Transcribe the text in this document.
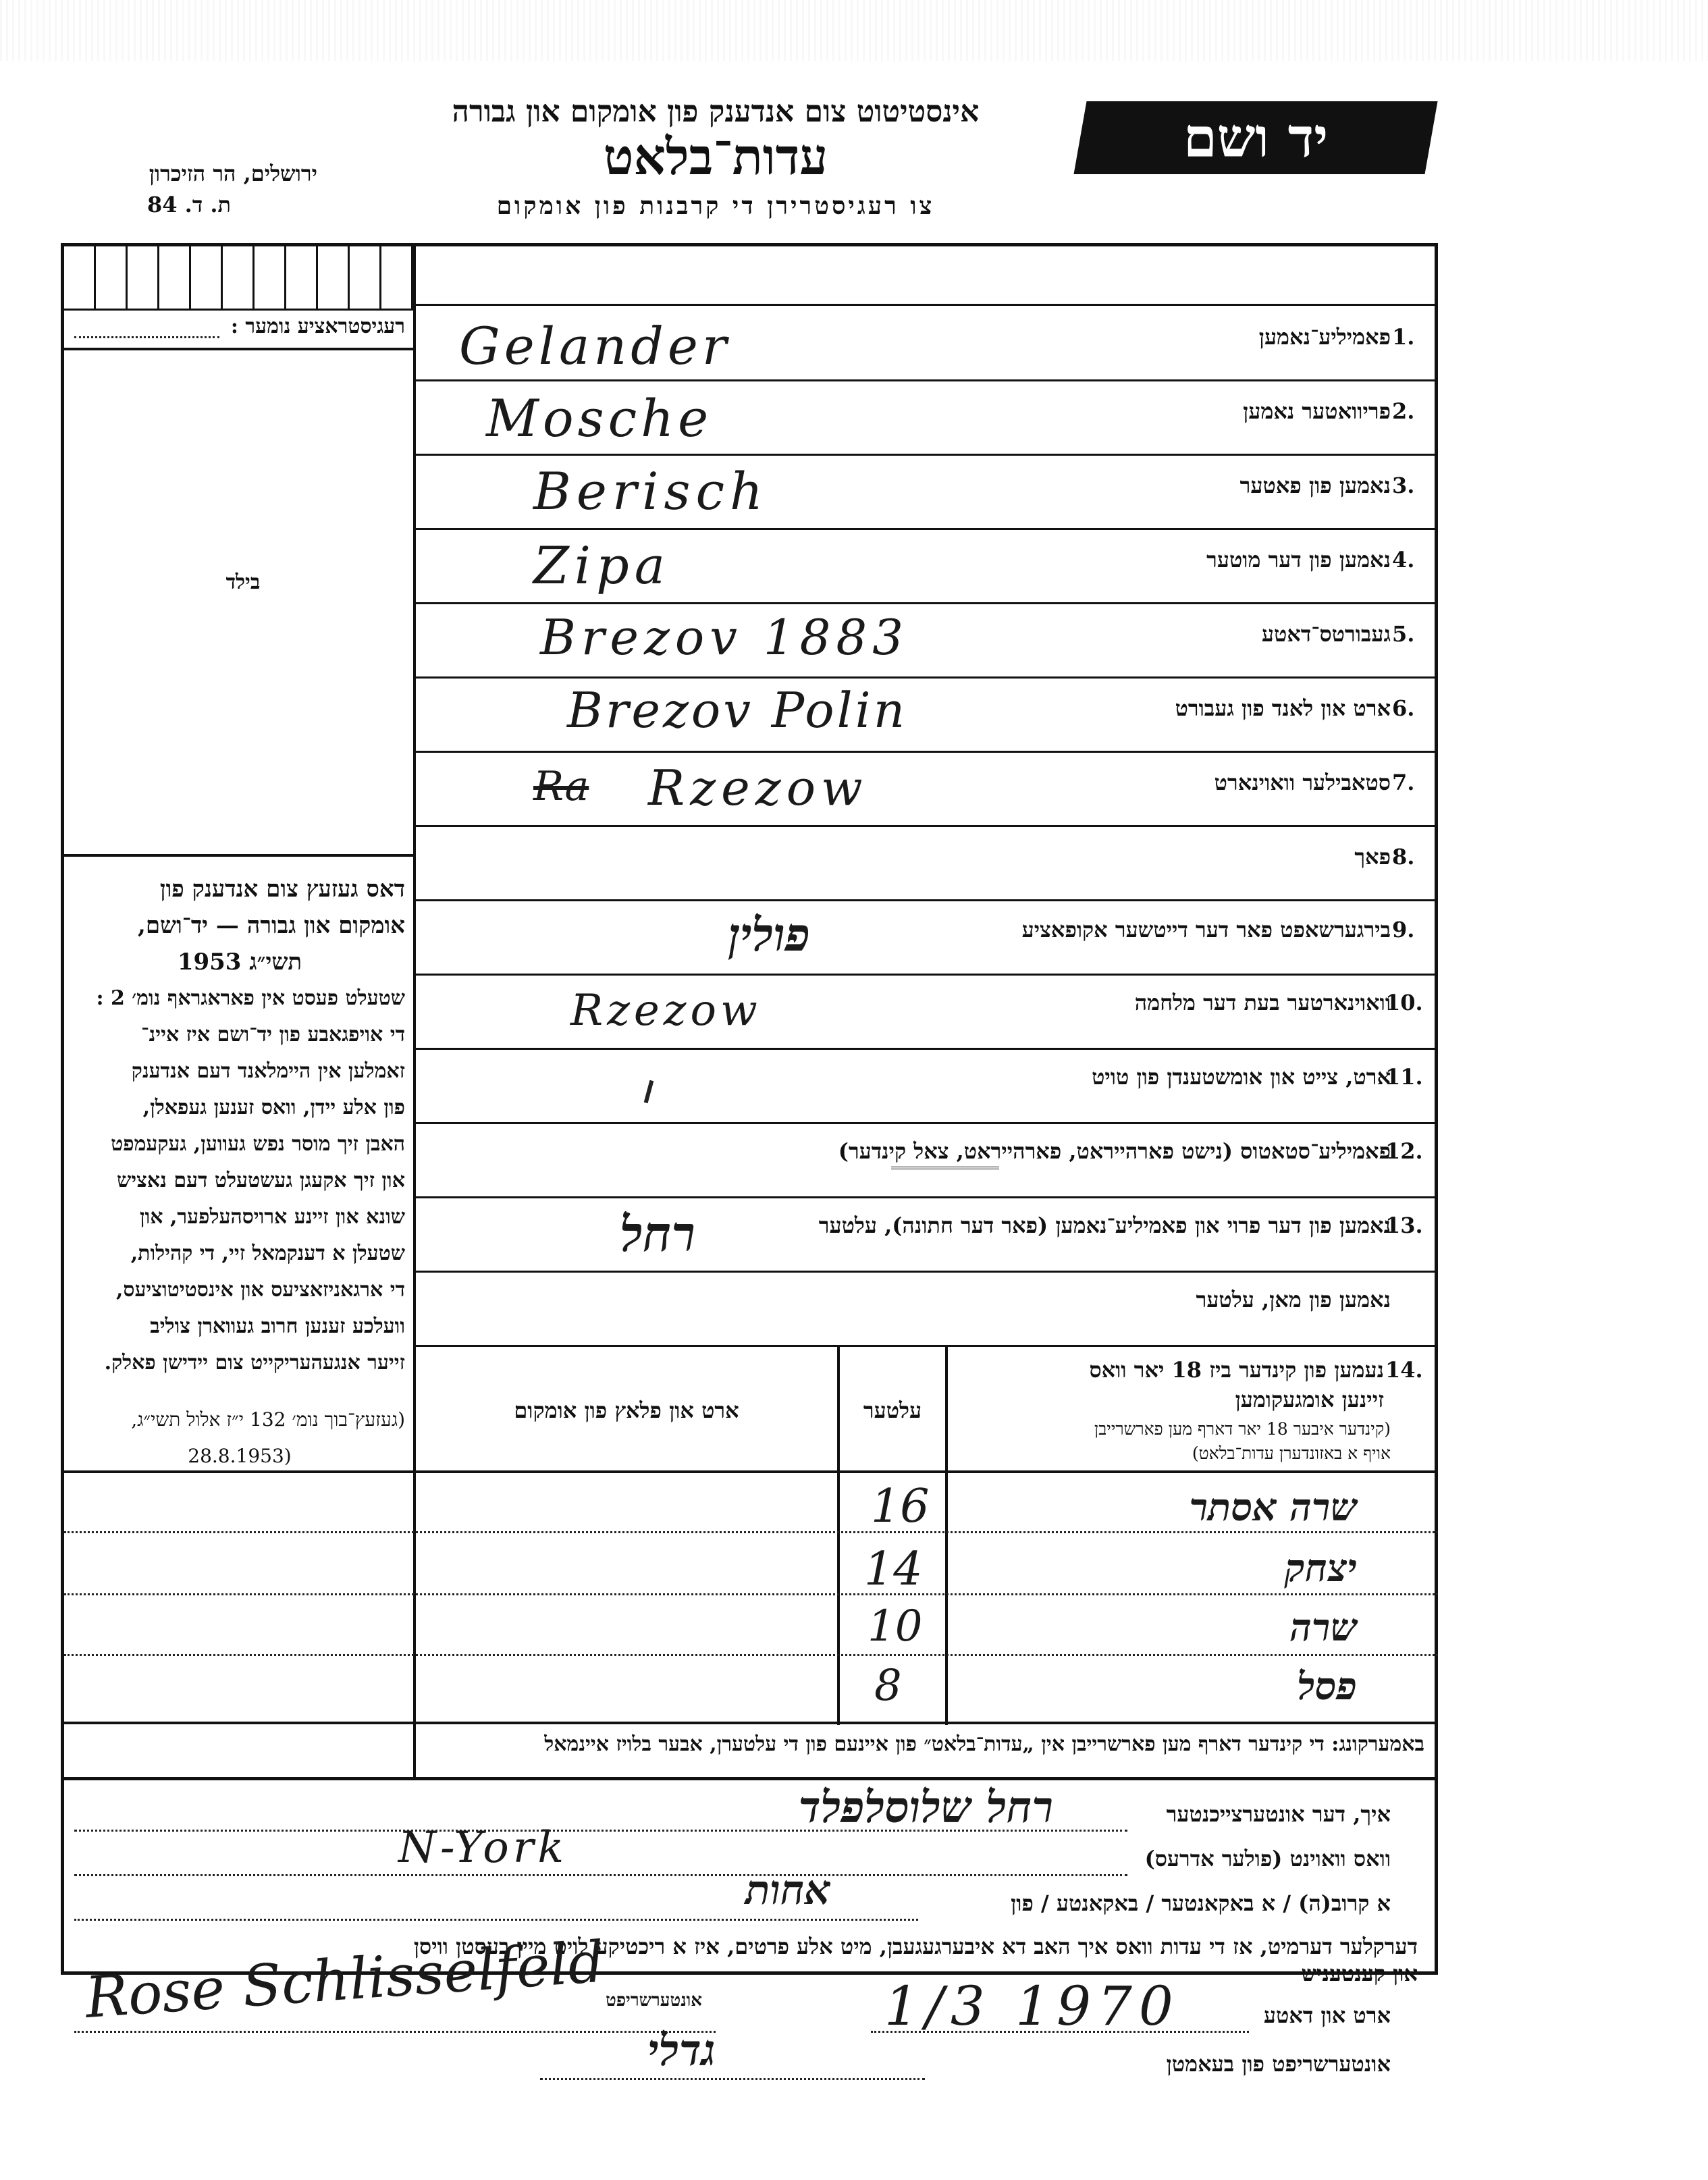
יד ושם
אינסטיטוט צום אנדענק פון אומקום און גבורה
עדות־בלאט
צו רעגיסטרירן די קרבנות פון אומקום
ירושלים, הר הזיכרון
ת. ד. 84
רעגיסטראציע נומער :
בילד
דאס געזעץ צום אנדענק פון
אומקום און גבורה — יד־ושם,
תשי״ג 1953
שטעלט פעסט אין פאראגראף נומ׳ 2 :
די אויפגאבע פון יד־ושם איז איינ־
זאמלען אין היימלאנד דעם אנדענק
פון אלע יידן, וואס זענען געפאלן,
האבן זיך מוסר נפש געווען, געקעמפט
און זיך אקעגן געשטעלט דעם נאציש
שונא און זיינע ארויסהעלפער, און
שטעלן א דענקמאל זיי, די קהילות,
די ארגאניזאציעס און אינסטיטוציעס,
וועלכע זענען חרוב געווארן צוליב
זייער אנגעהעריקייט צום יידישן פאלק.
(געזעץ־בוך נומ׳ 132 י״ז אלול תשי״ג,
(28.8.1953
פאמיליע־נאמען 1.
Gelander
פריוואטער נאמען 2.
Mosche
נאמען פון פאטער 3.
Berisch
נאמען פון דער מוטער 4.
Zipa
געבורטס־דאטע 5.
Brezov 1883
ארט און לאנד פון געבורט 6.
Brezov Polin
סטאבילער וואוינארט 7.
Ra Rzezow
פאך 8.
בירגערשאפט פאר דער דייטשער אקופאציע 9.
פולין
וואוינארטער בעת דער מלחמה
10.
Rzezow
ארט, צייט און אומשטענדן פון טויט
11.
פאמיליע־סטאטוס (נישט פארהייראט, פארהייראט, צאל קינדער)
12.
נאמען פון דער פרוי און פאמיליע־נאמען (פאר דער חתונה), עלטער
13.
רחל
נאמען פון מאן, עלטער
14.
נעמען פון קינדער ביז 18 יאר וואס
זיינען אומגעקומען
(קינדער איבער 18 יאר דארף מען פארשרייבן
אויף א באזונדערן עדות־בלאט)
עלטער
ארט און פלאץ פון אומקום
שרה אסתר
16
יצחק
14
שרה
10
פסל
8
באמערקונג: די קינדער דארף מען פארשרייבן אין „עדות־בלאט״ פון איינעם פון די עלטערן, אבער בלויז איינמאל
איך, דער אונטערצייכנטער
רחל שלוסלפלד
וואס וואוינט (פולער אדרעס)
N-York
א קרוב(ה) / א באקאנטער / באקאנטע / פון
אחות
דערקלער דערמיט, אז די עדות וואס איך האב דא איבערגעגעבן, מיט אלע פרטים, איז א ריכטיקע לויט מיין בעסטן וויסן
און קענטעניש
ארט און דאטע
1/3 1970
אונטערשריפט
Rose Schlisselfeld
אונטערשריפט פון בעאמטן
גדלי
